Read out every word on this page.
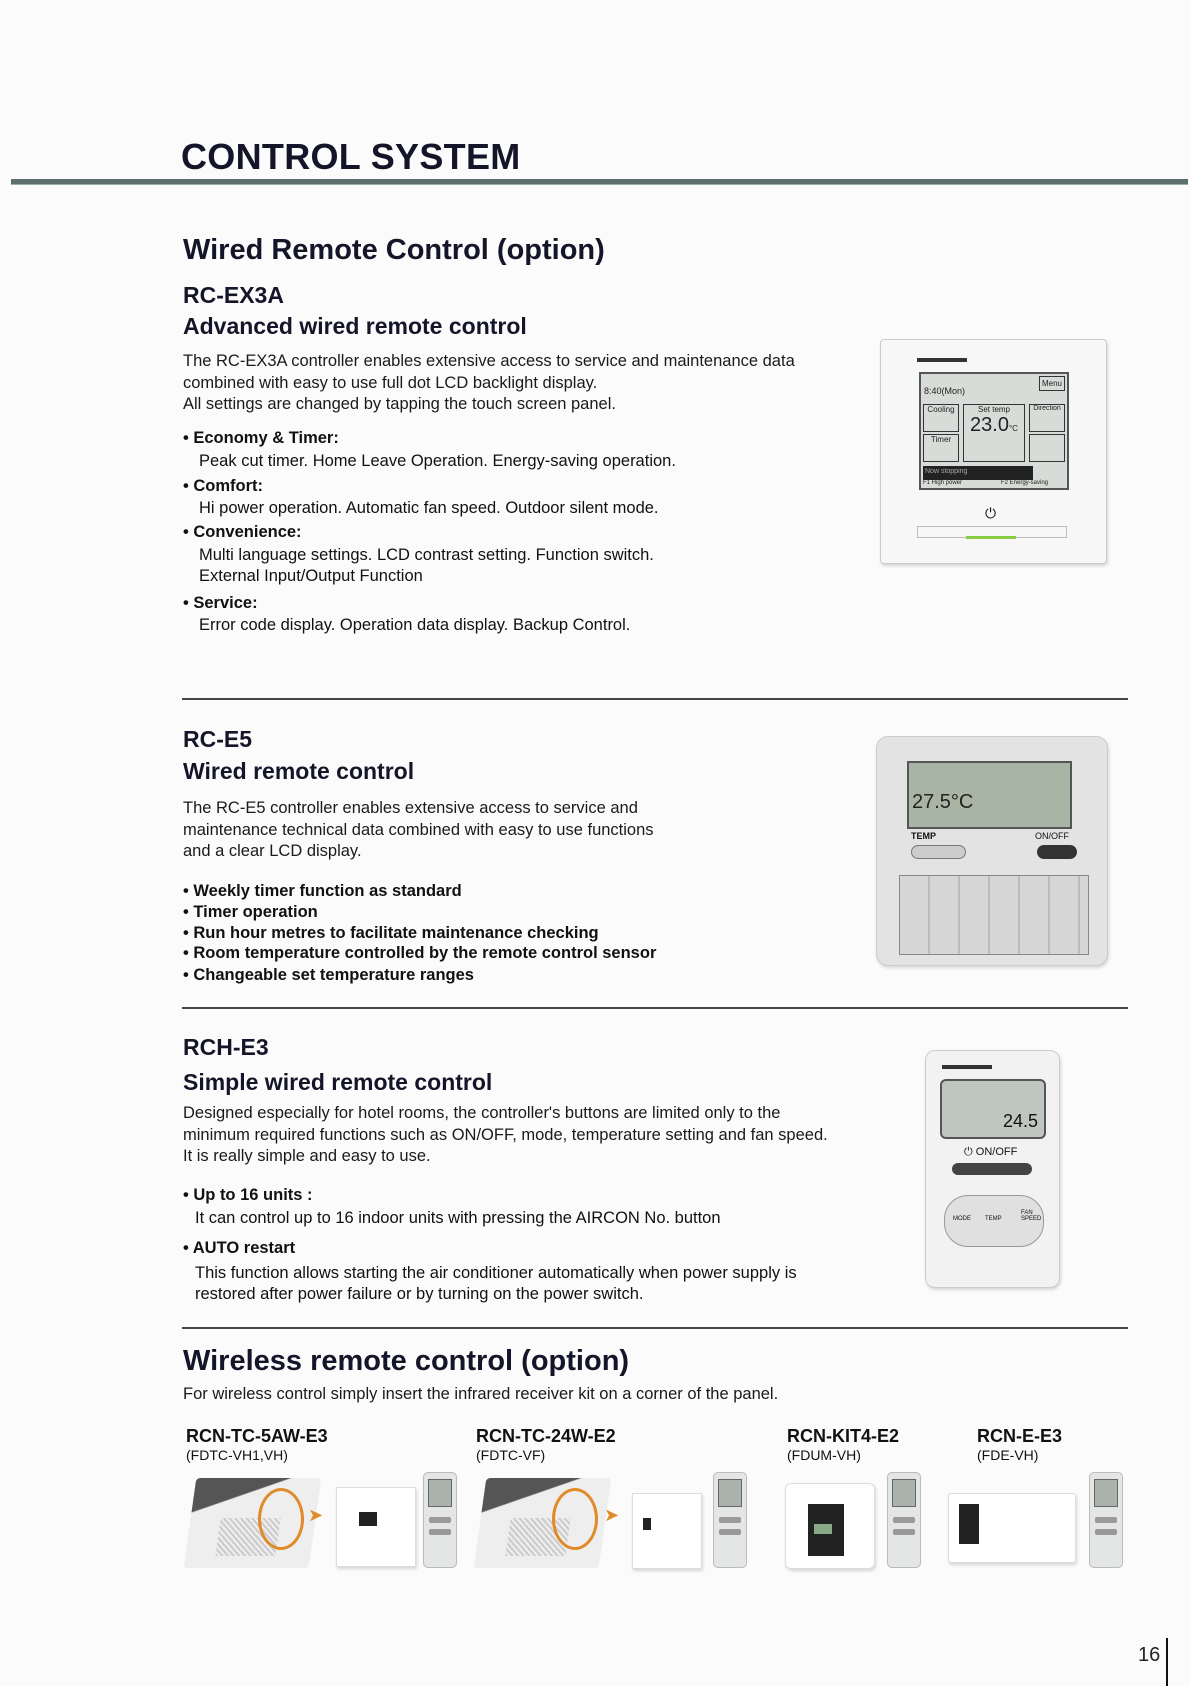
CONTROL SYSTEM
Wired Remote Control (option)
RC-EX3A
Advanced wired remote control
The RC-EX3A controller enables extensive access to service and maintenance data
combined with easy to use full dot LCD backlight display.
All settings are changed by tapping the touch screen panel.
• Economy & Timer:
Peak cut timer. Home Leave Operation. Energy-saving operation.
• Comfort:
Hi power operation. Automatic fan speed. Outdoor silent mode.
• Convenience:
Multi language settings. LCD contrast setting. Function switch.
External Input/Output Function
• Service:
Error code display. Operation data display. Backup Control.
8:40(Mon)
Menu
Cooling
Timer
Set temp
23.0°C
Direction
Now stopping
F1 High power	F2 Energy-saving
⏻
RC-E5
Wired remote control
The RC-E5 controller enables extensive access to service and
maintenance technical data combined with easy to use functions
and a clear LCD display.
• Weekly timer function as standard
• Timer operation
• Run hour metres to facilitate maintenance checking
• Room temperature controlled by the remote control sensor
• Changeable set temperature ranges
27.5°C
TEMP	ON/OFF
RCH-E3
Simple wired remote control
Designed especially for hotel rooms, the controller's buttons are limited only to the
minimum required functions such as ON/OFF, mode, temperature setting and fan speed.
It is really simple and easy to use.
• Up to 16 units :
It can control up to 16 indoor units with pressing the AIRCON No. button
• AUTO restart
This function allows starting the air conditioner automatically when power supply is
restored after power failure or by turning on the power switch.
24.5
⏻ ON/OFF
MODE TEMP
FAN SPEED
Wireless remote control (option)
For wireless control simply insert the infrared receiver kit on a corner of the panel.
RCN-TC-5AW-E3
(FDTC-VH1,VH)
RCN-TC-24W-E2
(FDTC-VF)
RCN-KIT4-E2
(FDUM-VH)
RCN-E-E3
(FDE-VH)
➤	➤
16
